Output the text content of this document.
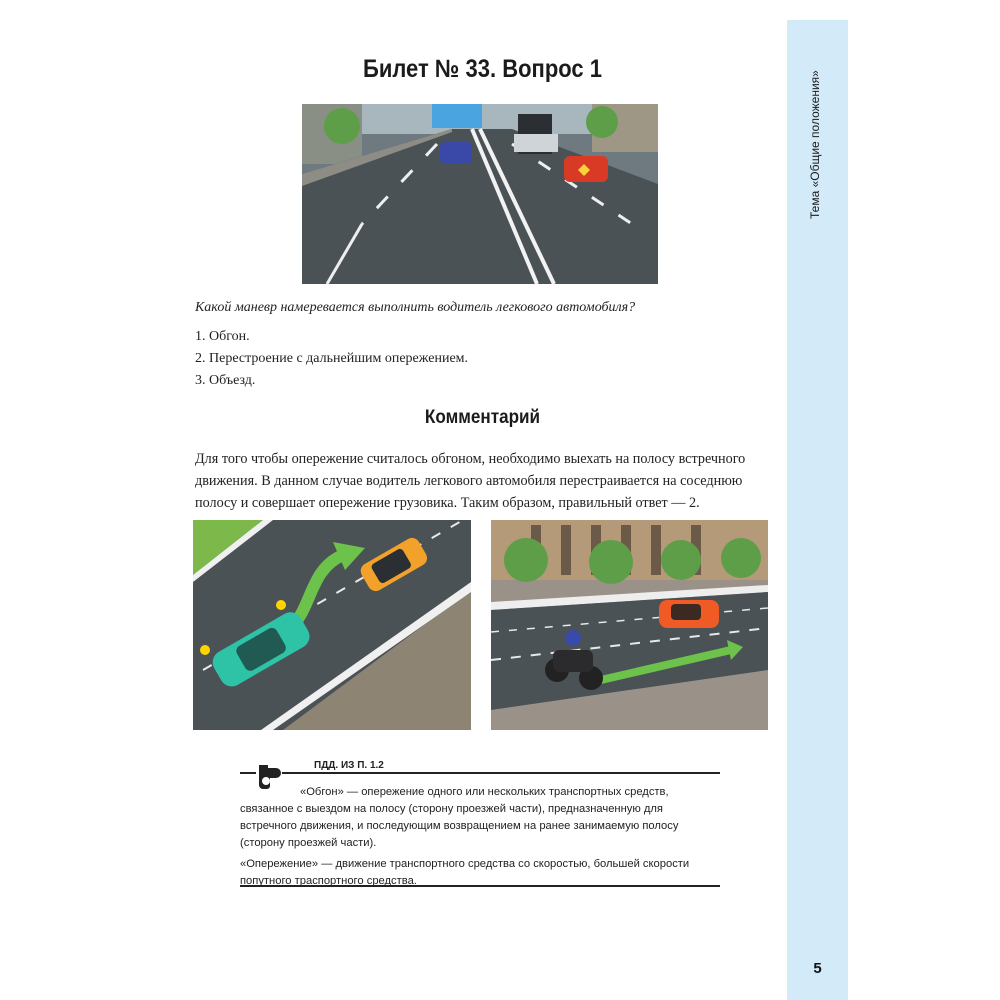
Тема «Общие положения»
5
Билет № 33. Вопрос 1
Какой маневр намеревается выполнить водитель легкового автомобиля?
1. Обгон.
2. Перестроение с дальнейшим опережением.
3. Объезд.
Комментарий

Для того чтобы опережение считалось обгоном, необходимо выехать на полосу встречного движения. В данном случае водитель легкового автомобиля перестраивается на соседнюю полосу и совершает опережение грузовика. Таким образом, правильный ответ — 2.

ПДД. ИЗ П. 1.2

«Обгон» — опережение одного или нескольких транспортных средств, связанное с выездом на полосу (сторону проезжей части), предназначенную для встречного движения, и последующим возвращением на ранее занимаемую полосу (сторону проезжей части).

«Опережение» — движение транспортного средства со скоростью, большей скорости попутного траспортного средства.
